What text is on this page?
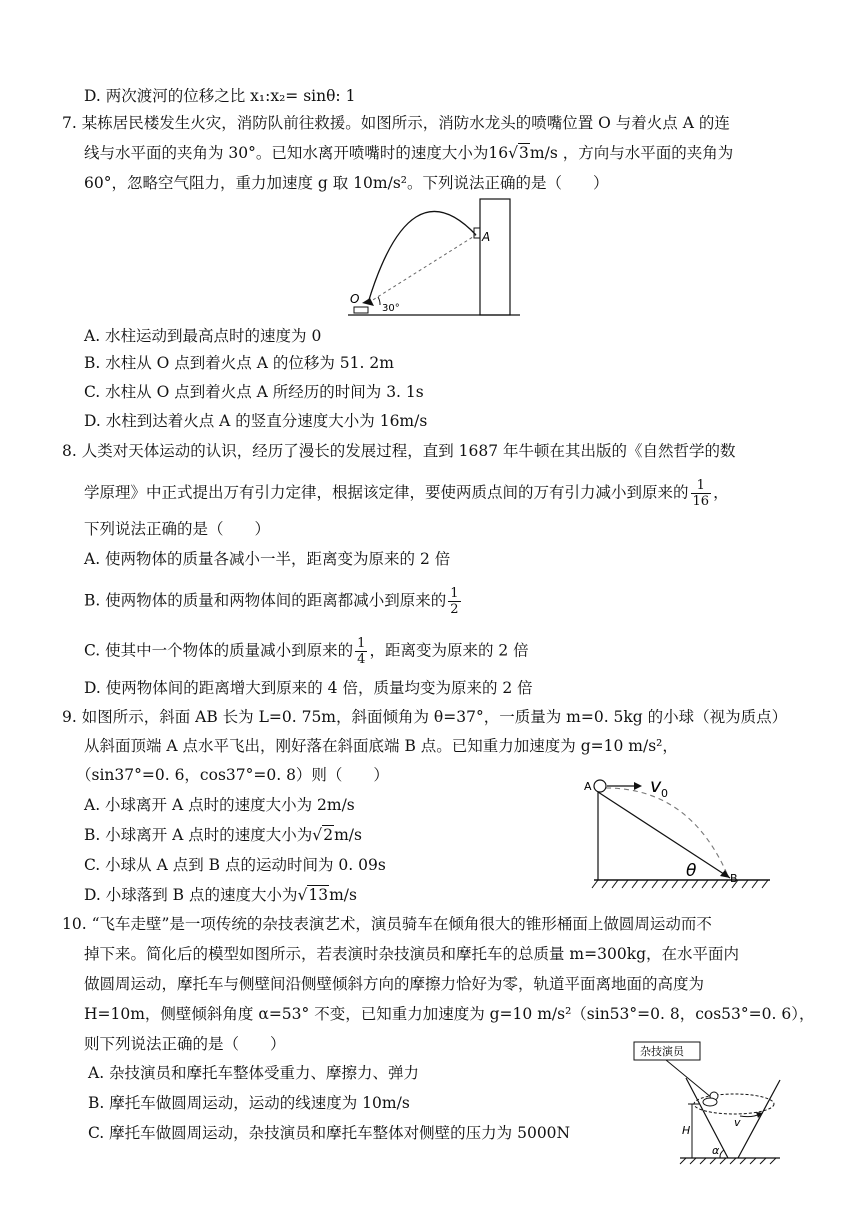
D. 两次渡河的位移之比 x₁:x₂= sinθ: 1
7. 某栋居民楼发生火灾，消防队前往救援。如图所示，消防水龙头的喷嘴位置 O 与着火点 A 的连
线与水平面的夹角为 30°。已知水离开喷嘴时的速度大小为16√3m/s ，方向与水平面的夹角为
60°，忽略空气阻力，重力加速度 g 取 10m/s²。下列说法正确的是（　　）
A
O
30°
A. 水柱运动到最高点时的速度为 0
B. 水柱从 O 点到着火点 A 的位移为 51. 2m
C. 水柱从 O 点到着火点 A 所经历的时间为 3. 1s
D. 水柱到达着火点 A 的竖直分速度大小为 16m/s
8. 人类对天体运动的认识，经历了漫长的发展过程，直到 1687 年牛顿在其出版的《自然哲学的数
学原理》中正式提出万有引力定律，根据该定律，要使两质点间的万有引力减小到原来的 $\frac{1}{16}$ ，
下列说法正确的是（　　）
A. 使两物体的质量各减小一半，距离变为原来的 2 倍
B. 使两物体的质量和两物体间的距离都减小到原来的 $\frac{1}{2}$
C. 使其中一个物体的质量减小到原来的 $\frac{1}{4}$ ，距离变为原来的 2 倍
D. 使两物体间的距离增大到原来的 4 倍，质量均变为原来的 2 倍
9. 如图所示，斜面 AB 长为 L=0. 75m，斜面倾角为 θ=37°，一质量为 m=0. 5kg 的小球（视为质点）
从斜面顶端 A 点水平飞出，刚好落在斜面底端 B 点。已知重力加速度为 g=10 m/s²，
（sin37°=0. 6，cos37°=0. 8）则（　　）
A. 小球离开 A 点时的速度大小为 2m/s
B. 小球离开 A 点时的速度大小为√2m/s
C. 小球从 A 点到 B 点的运动时间为 0. 09s
D. 小球落到 B 点的速度大小为√13m/s
A
B
v 0
θ
10. “飞车走壁”是一项传统的杂技表演艺术，演员骑车在倾角很大的锥形桶面上做圆周运动而不
掉下来。简化后的模型如图所示，若表演时杂技演员和摩托车的总质量 m=300kg，在水平面内
做圆周运动，摩托车与侧壁间沿侧壁倾斜方向的摩擦力恰好为零，轨道平面离地面的高度为
H=10m，侧壁倾斜角度 α=53° 不变，已知重力加速度为 g=10 m/s²（sin53°=0. 8，cos53°=0. 6），
则下列说法正确的是（　　）
A. 杂技演员和摩托车整体受重力、摩擦力、弹力
B. 摩托车做圆周运动，运动的线速度为 10m/s
C. 摩托车做圆周运动，杂技演员和摩托车整体对侧壁的压力为 5000N
杂技演员
H
v
α
